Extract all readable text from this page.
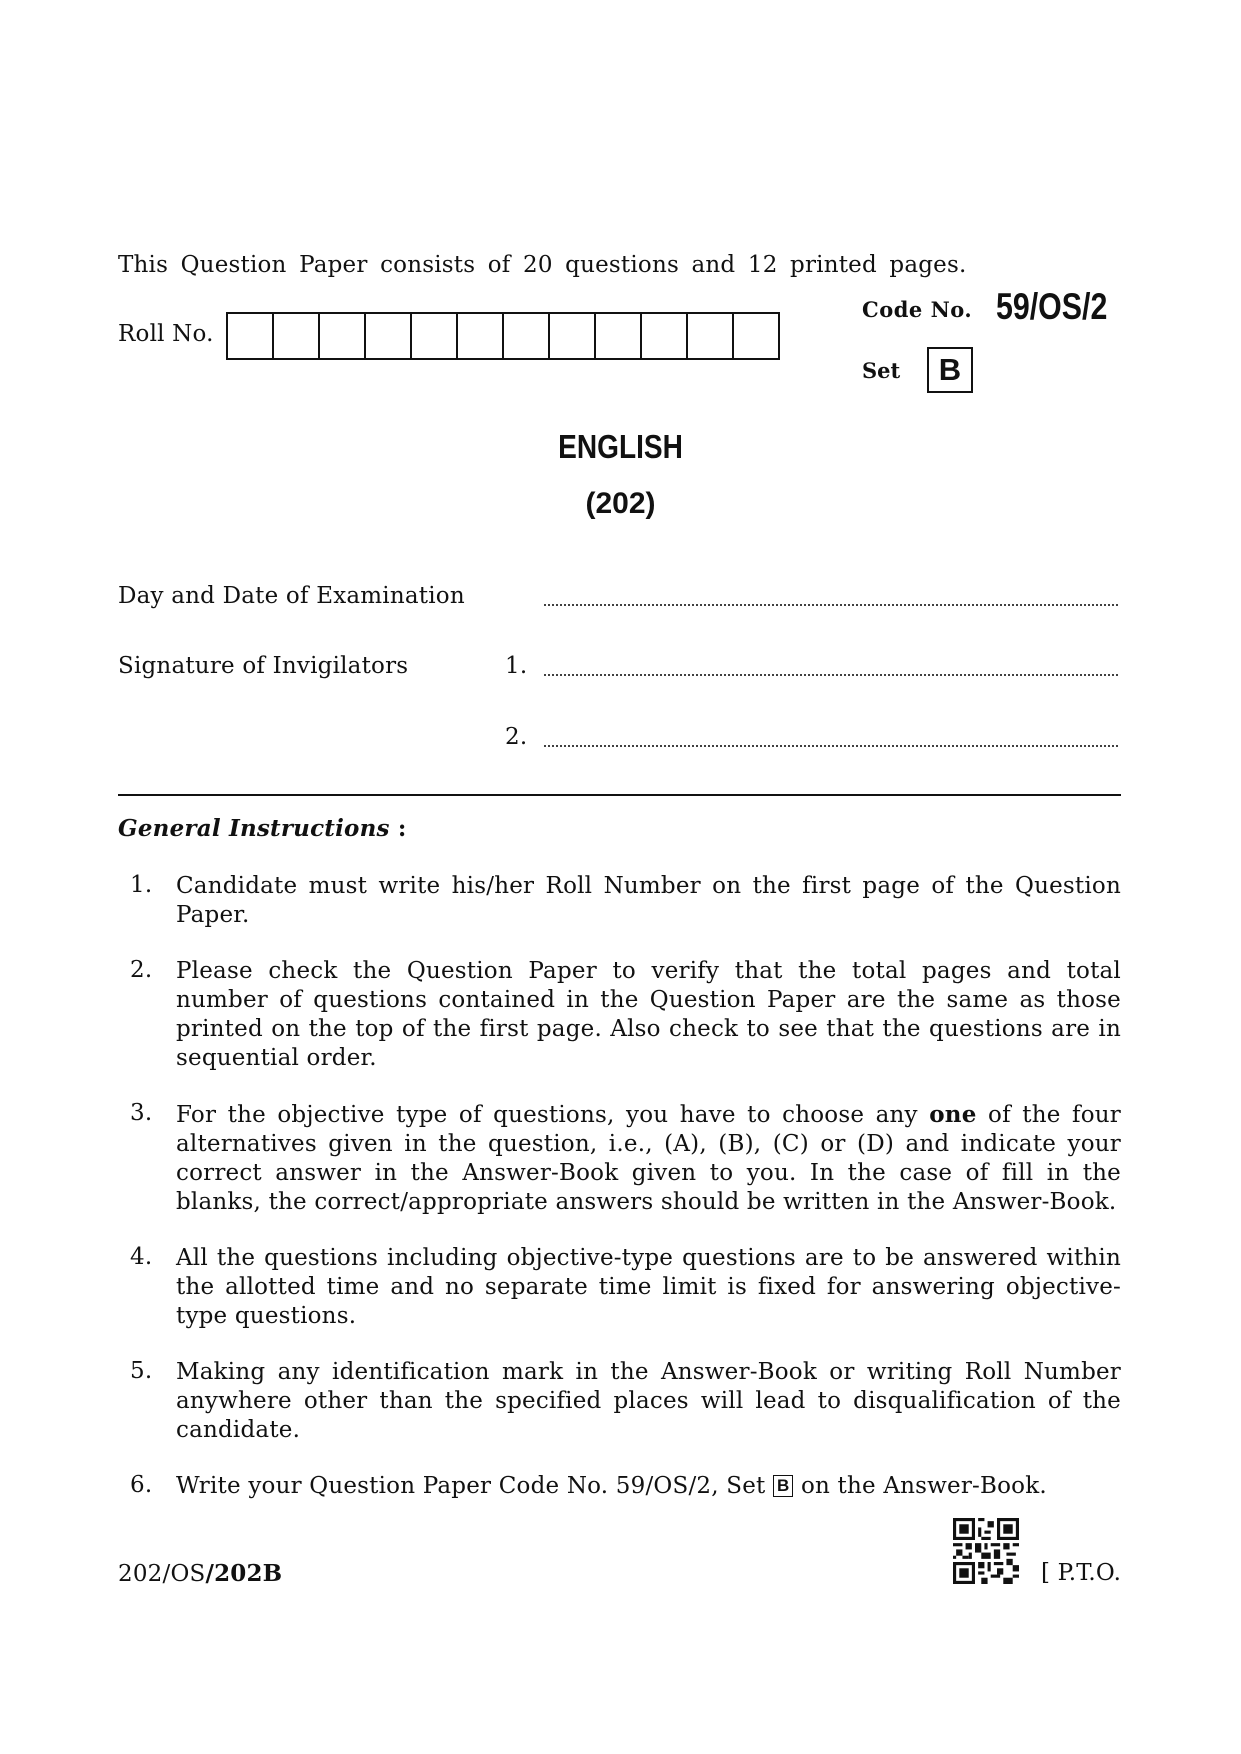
This Question Paper consists of 20 questions and 12 printed pages.
Roll No.
Code No. 59/OS/2
Set	B
ENGLISH
(202)
Day and Date of Examination
Signature of Invigilators	1.
2.
General Instructions :
1.	Candidate must write his/her Roll Number on the first page of the Question Paper.
2.	Please check the Question Paper to verify that the total pages and total number of questions contained in the Question Paper are the same as those printed on the top of the first page. Also check to see that the questions are in sequential order.
3.	For the objective type of questions, you have to choose any one of the four alternatives given in the question, i.e., (A), (B), (C) or (D) and indicate your correct answer in the Answer-Book given to you. In the case of fill in the blanks, the correct/appropriate answers should be written in the Answer-Book.
4.	All the questions including objective-type questions are to be answered within the allotted time and no separate time limit is fixed for answering objective-type questions.
5.	Making any identification mark in the Answer-Book or writing Roll Number anywhere other than the specified places will lead to disqualification of the candidate.
6.	Write your Question Paper Code No. 59/OS/2, Set B on the Answer-Book.
202/OS/202B	[ P.T.O.
